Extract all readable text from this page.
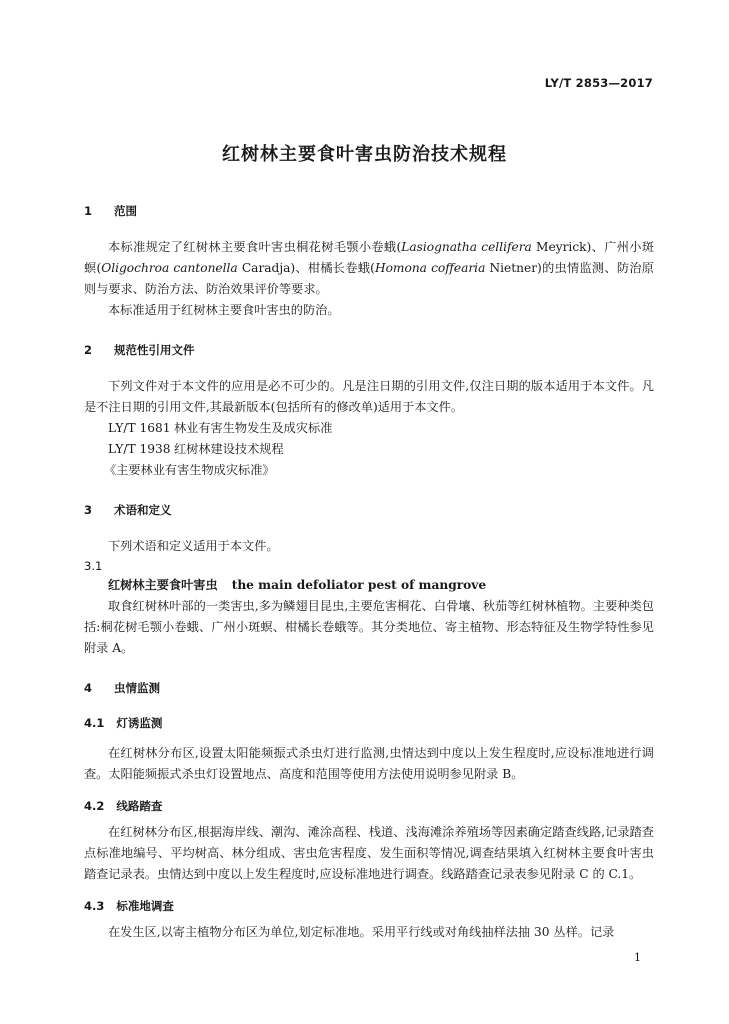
LY/T 2853—2017
红树林主要食叶害虫防治技术规程
1	范围

本标准规定了红树林主要食叶害虫桐花树毛颚小卷蛾(Lasiognatha cellifera Meyrick)、广州小斑螟(Oligochroa cantonella Caradja)、柑橘长卷蛾(Homona coffearia Nietner)的虫情监测、防治原则与要求、防治方法、防治效果评价等要求。

本标准适用于红树林主要食叶害虫的防治。

2	规范性引用文件

下列文件对于本文件的应用是必不可少的。凡是注日期的引用文件,仅注日期的版本适用于本文件。凡是不注日期的引用文件,其最新版本(包括所有的修改单)适用于本文件。

LY/T 1681 林业有害生物发生及成灾标准

LY/T 1938 红树林建设技术规程

《主要林业有害生物成灾标准》

3	术语和定义

下列术语和定义适用于本文件。

3.1

红树林主要食叶害虫 the main defoliator pest of mangrove

取食红树林叶部的一类害虫,多为鳞翅目昆虫,主要危害桐花、白骨壤、秋茄等红树林植物。主要种类包括:桐花树毛颚小卷蛾、广州小斑螟、柑橘长卷蛾等。其分类地位、寄主植物、形态特征及生物学特性参见附录 A。

4	虫情监测
4.1 灯诱监测

在红树林分布区,设置太阳能频振式杀虫灯进行监测,虫情达到中度以上发生程度时,应设标准地进行调查。太阳能频振式杀虫灯设置地点、高度和范围等使用方法使用说明参见附录 B。

4.2 线路踏查

在红树林分布区,根据海岸线、潮沟、滩涂高程、栈道、浅海滩涂养殖场等因素确定踏查线路,记录踏查点标准地编号、平均树高、林分组成、害虫危害程度、发生面积等情况,调查结果填入红树林主要食叶害虫踏查记录表。虫情达到中度以上发生程度时,应设标准地进行调查。线路踏查记录表参见附录 C 的 C.1。

4.3 标准地调查

在发生区,以寄主植物分布区为单位,划定标准地。采用平行线或对角线抽样法抽 30 丛样。记录

1
